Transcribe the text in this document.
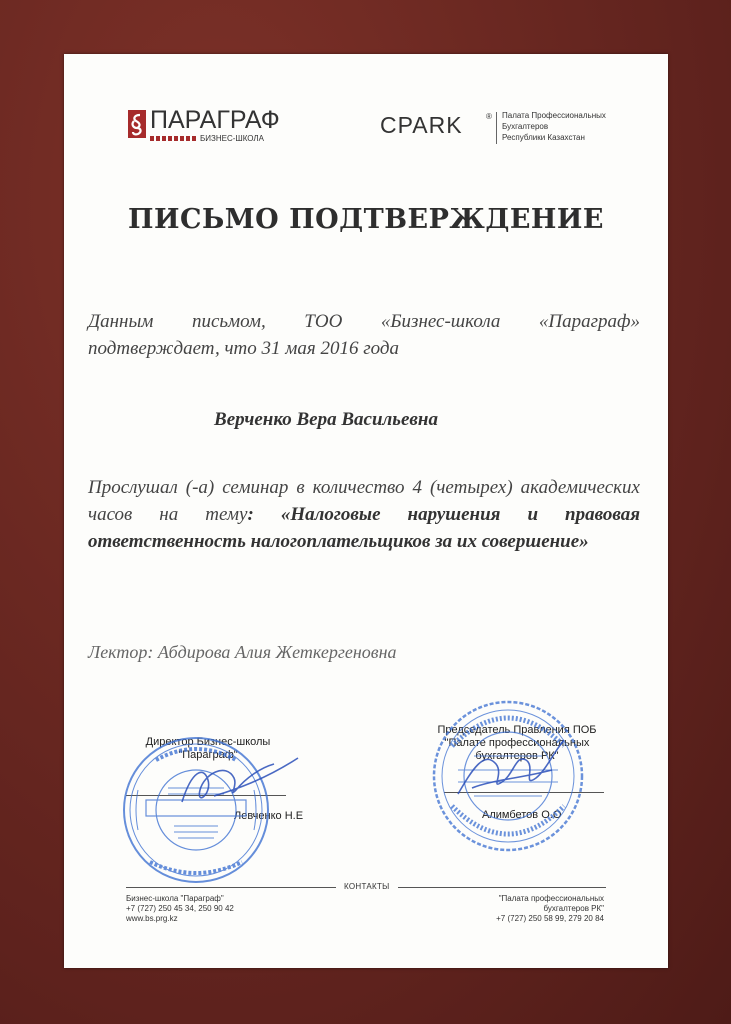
ПАРАГРАФ
БИЗНЕС-ШКОЛА
CPARK	® Палата Профессиональных
Бухгалтеров
Республики Казахстан
ПИСЬМО ПОДТВЕРЖДЕНИЕ
Данным письмом, ТОО «Бизнес-школа «Параграф» подтверждает, что 31 мая 2016 года
Верченко Вера Васильевна
Прослушал (-а) семинар в количество 4 (четырех) академических часов на тему: «Налоговые нарушения и правовая ответственность налогоплательщиков за их совершение»
Лектор: Абдирова Алия Жеткергеновна
Директор Бизнес-школы
"Параграф"
Левченко Н.Е
Председатель Правления ПОБ
"Палате профессиональных
бухгалтеров РК"
Алимбетов О.О
КОНТАКТЫ
Бизнес-школа "Параграф"
+7 (727) 250 45 34, 250 90 42
www.bs.prg.kz
"Палата профессиональных
бухгалтеров РК"
+7 (727) 250 58 99, 279 20 84
